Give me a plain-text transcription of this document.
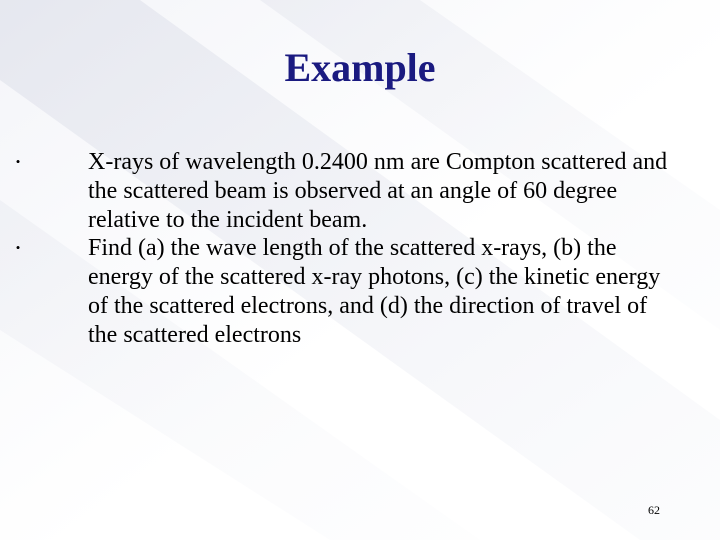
Example
•	X-rays of wavelength 0.2400 nm are Compton scattered and the scattered beam is observed at an angle of 60 degree relative to the incident beam.
•	Find (a) the wave length of the scattered x-rays, (b) the energy of the scattered x-ray photons, (c) the kinetic energy of the scattered electrons, and (d) the direction of travel of the scattered electrons
62
